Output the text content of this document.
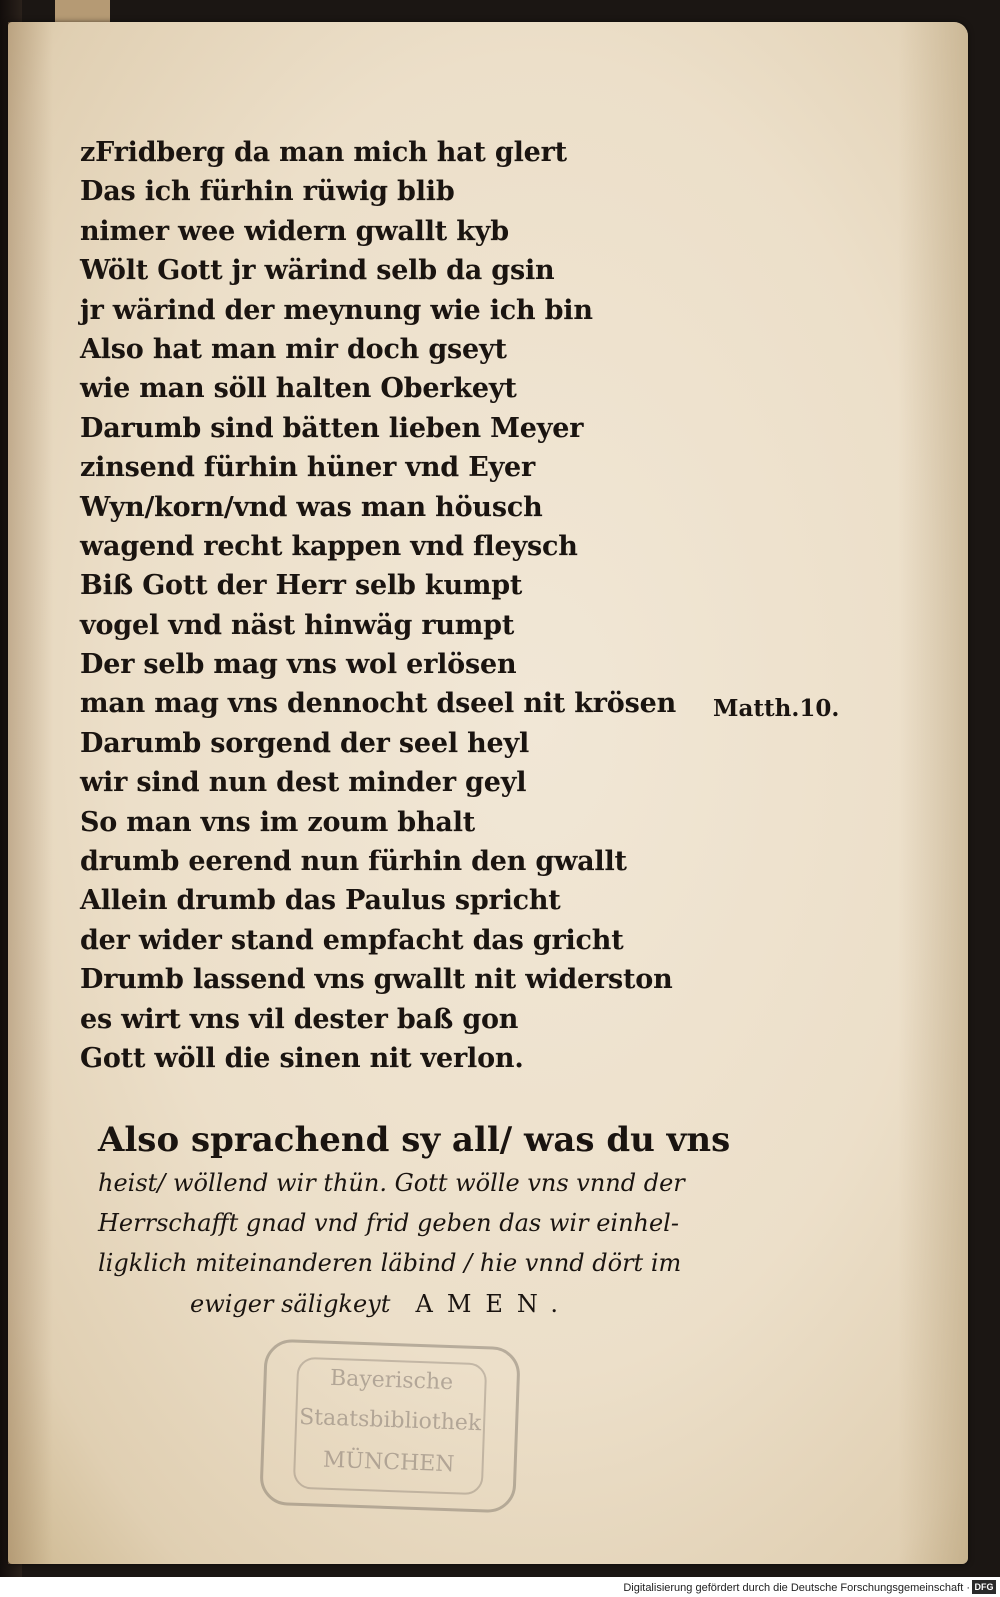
zFridberg da man mich hat glert
Das ich fürhin rüwig blib
nimer wee widern gwallt kyb
Wölt Gott jr wärind selb da gsin
jr wärind der meynung wie ich bin
Also hat man mir doch gseyt
wie man söll halten Oberkeyt
Darumb sind bätten lieben Meyer
zinsend fürhin hüner vnd Eyer
Wyn/korn/vnd was man höusch
wagend recht kappen vnd fleysch
Biß Gott der Herr selb kumpt
vogel vnd näst hinwäg rumpt
Der selb mag vns wol erlösen
man mag vns dennocht dseel nit krösen
Darumb sorgend der seel heyl
wir sind nun dest minder geyl
So man vns im zoum bhalt
drumb eerend nun fürhin den gwallt
Allein drumb das Paulus spricht
der wider stand empfacht das gricht
Drumb lassend vns gwallt nit widerston
es wirt vns vil dester baß gon
Gott wöll die sinen nit verlon.
Matth.10.
Also sprachend sy all/ was du vns
heist/ wöllend wir thün. Gott wölle vns vnnd der
Herrschafft gnad vnd frid geben das wir einhel-
ligklich miteinanderen läbind / hie vnnd dört im
ewiger säligkeyt AMEN.
Bayerische
Staatsbibliothek
MÜNCHEN
Digitalisierung gefördert durch die Deutsche Forschungsgemeinschaft · DFG
